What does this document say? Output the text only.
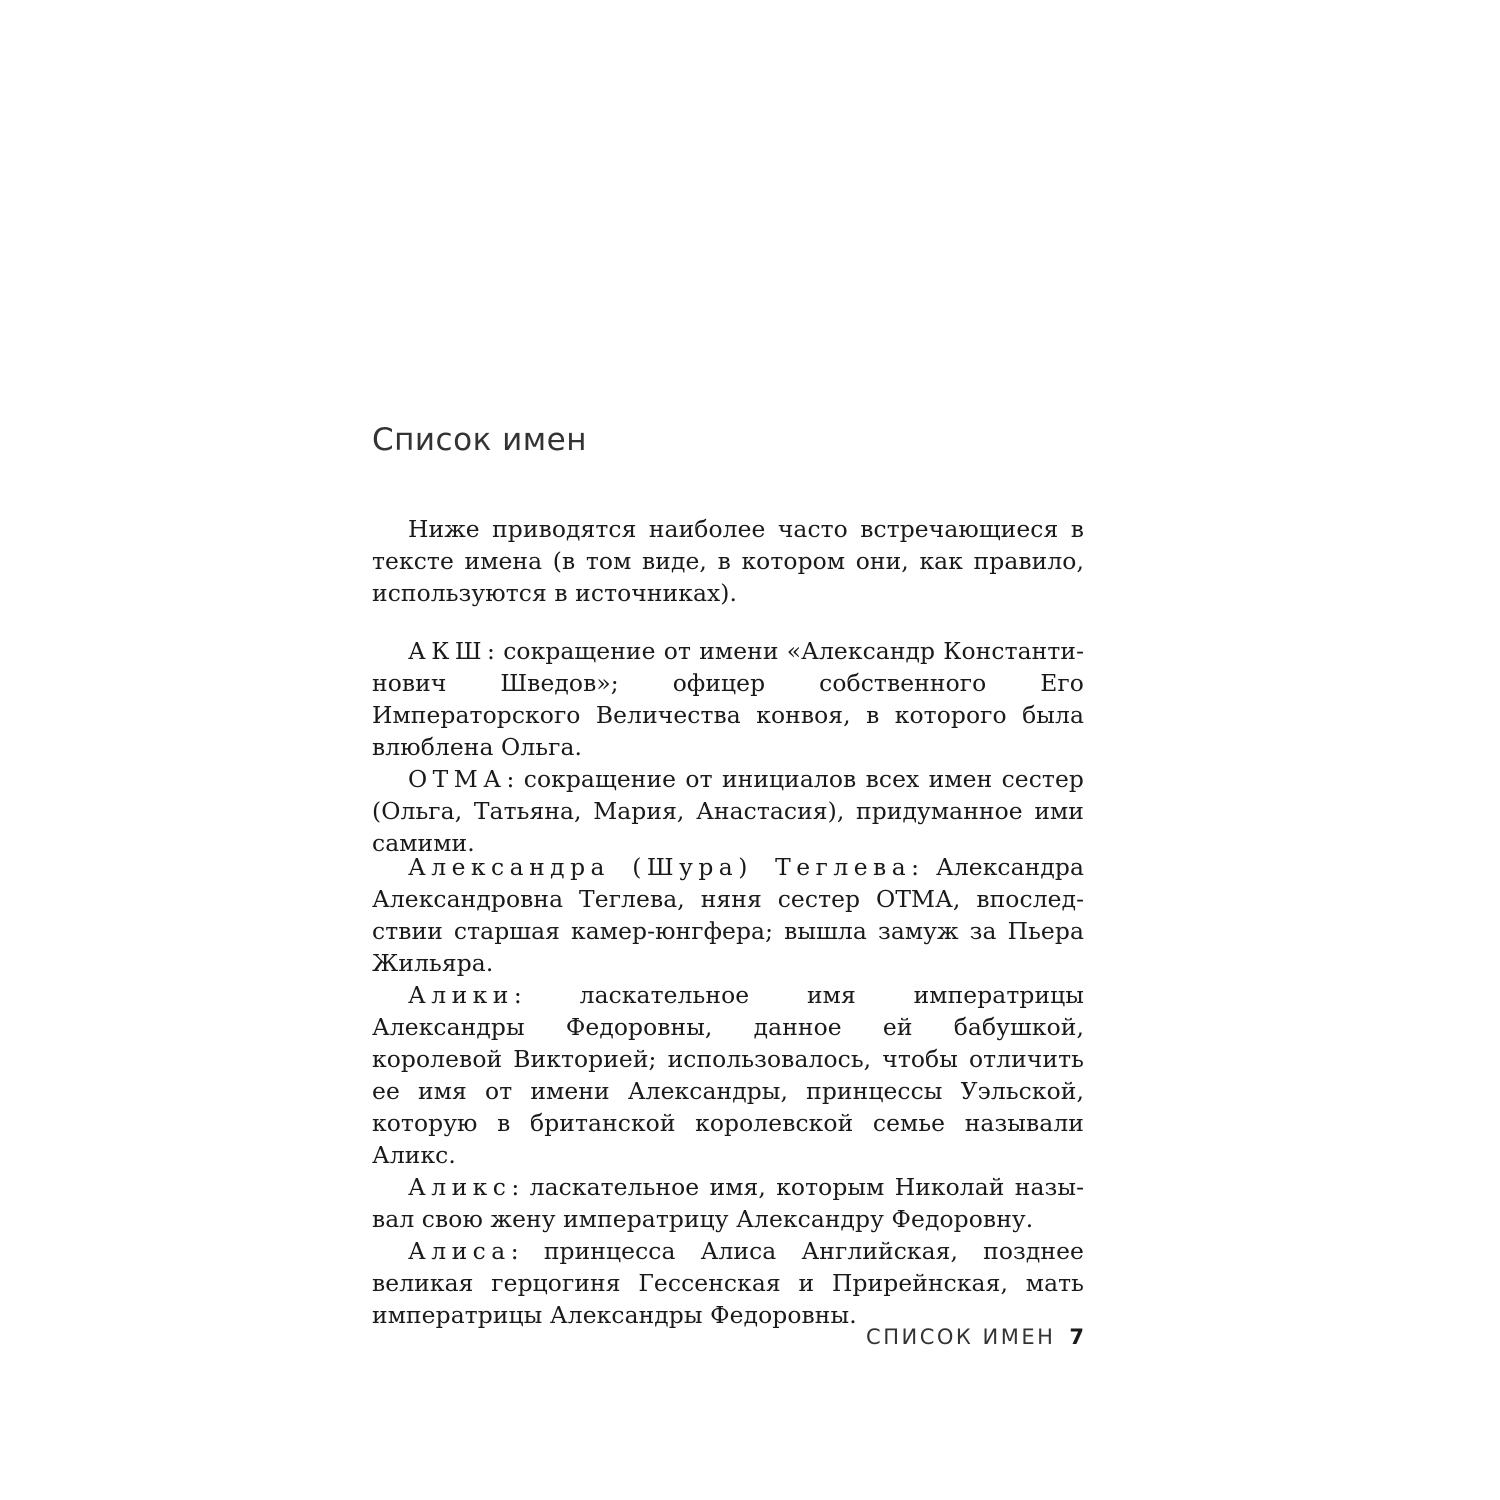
Список имен

Ниже приводятся наиболее часто встречающиеся в тексте имена (в том виде, в котором они, как правило, используются в источниках).

АКШ: сокращение от имени «Александр Константинович Шведов»; офицер собственного Его Императорского Величества конвоя, в которого была влюблена Ольга.

ОТМА: сокращение от инициалов всех имен сестер (Ольга, Татьяна, Мария, Анастасия), придуманное ими самими.

Александра (Шура) Теглева: Александра Александровна Теглева, няня сестер ОТМА, впоследствии старшая камер-юнгфера; вышла замуж за Пьера Жильяра.

Алики: ласкательное имя императрицы Александры Федоровны, данное ей бабушкой, королевой Викторией; использовалось, чтобы отличить ее имя от имени Александры, принцессы Уэльской, которую в британской королевской семье называли Аликс.

Аликс: ласкательное имя, которым Николай называл свою жену императрицу Александру Федоровну.

Алиса: принцесса Алиса Английская, позднее великая герцогиня Гессенская и Прирейнская, мать императрицы Александры Федоровны.

СПИСОК ИМЕН 7
